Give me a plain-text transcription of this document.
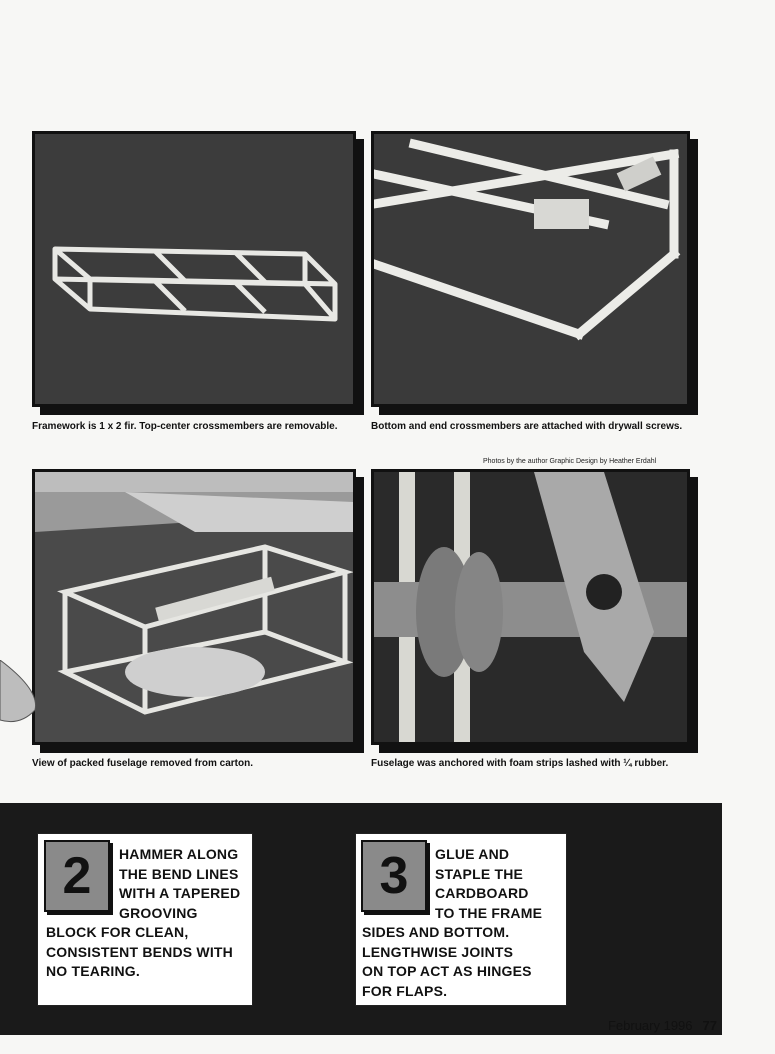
Framework is 1 x 2 fir. Top-center crossmembers are removable.	Bottom and end crossmembers are attached with drywall screws.
Photos by the author Graphic Design by Heather Erdahl
View of packed fuselage removed from carton.	Fuselage was anchored with foam strips lashed with ¼ rubber.
2	HAMMER ALONG
THE BEND LINES
WITH A TAPERED
GROOVING
BLOCK FOR CLEAN,
CONSISTENT BENDS WITH
NO TEARING.
3	GLUE AND
STAPLE THE
CARDBOARD
TO THE FRAME
SIDES AND BOTTOM.
LENGTHWISE JOINTS
ON TOP ACT AS HINGES
FOR FLAPS.
February 1996 77
